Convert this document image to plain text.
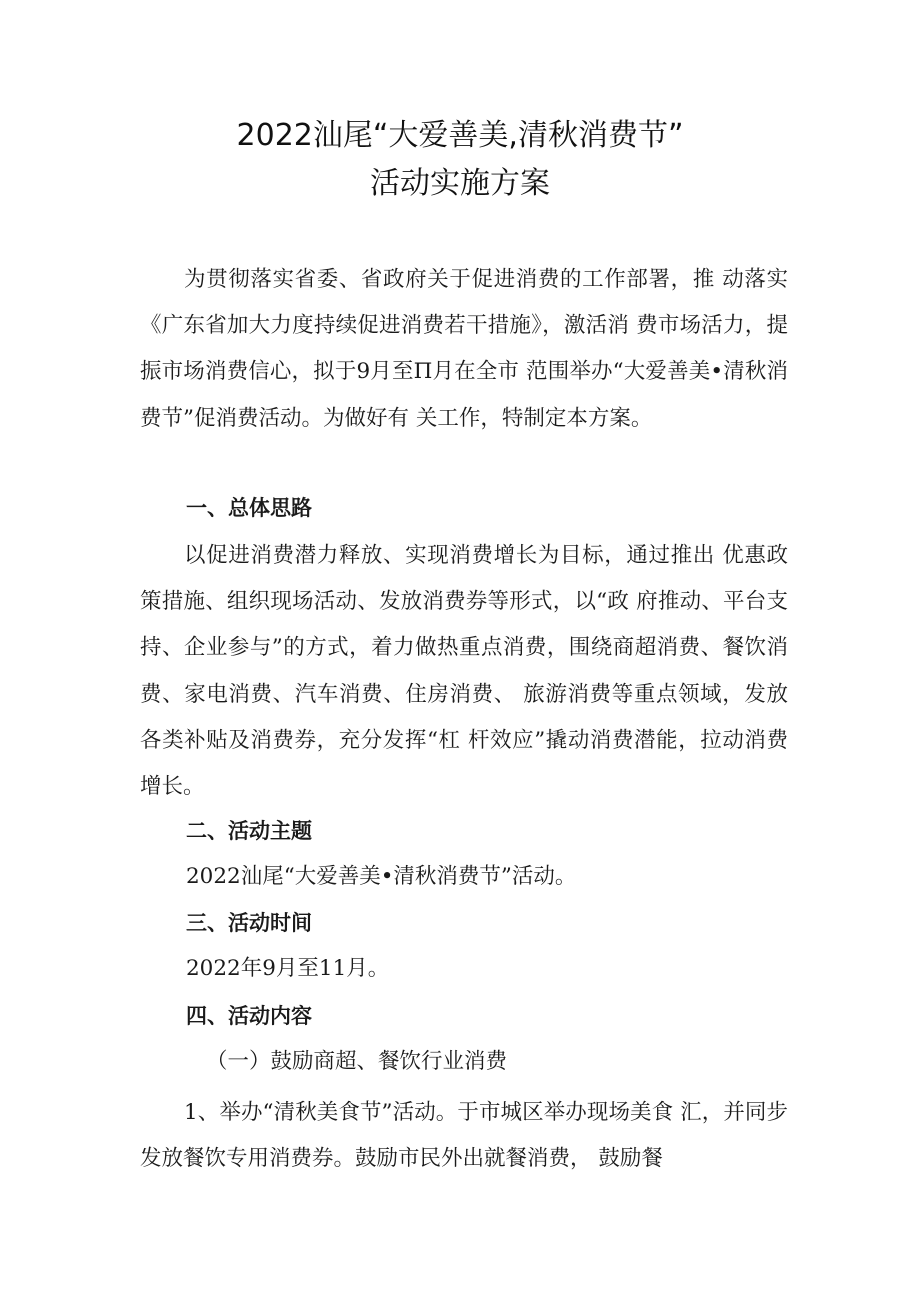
2022汕尾“大爱善美,清秋消费节”
活动实施方案

为贯彻落实省委、省政府关于促进消费的工作部署，推 动落实《广东省加大力度持续促进消费若干措施》，激活消 费市场活力，提振市场消费信心，拟于9月至Π月在全市 范围举办“大爱善美•清秋消费节”促消费活动。为做好有 关工作，特制定本方案。

一、总体思路

以促进消费潜力释放、实现消费增长为目标，通过推出 优惠政策措施、组织现场活动、发放消费券等形式，以“政 府推动、平台支持、企业参与”的方式，着力做热重点消费，围绕商超消费、餐饮消费、家电消费、汽车消费、住房消费、 旅游消费等重点领域，发放各类补贴及消费券，充分发挥“杠 杆效应”撬动消费潜能，拉动消费增长。

二、活动主题

2022汕尾“大爱善美•清秋消费节”活动。

三、活动时间

2022年9月至11月。

四、活动内容

（一）鼓励商超、餐饮行业消费

1、举办“清秋美食节”活动。于市城区举办现场美食 汇，并同步发放餐饮专用消费券。鼓励市民外出就餐消费， 鼓励餐
